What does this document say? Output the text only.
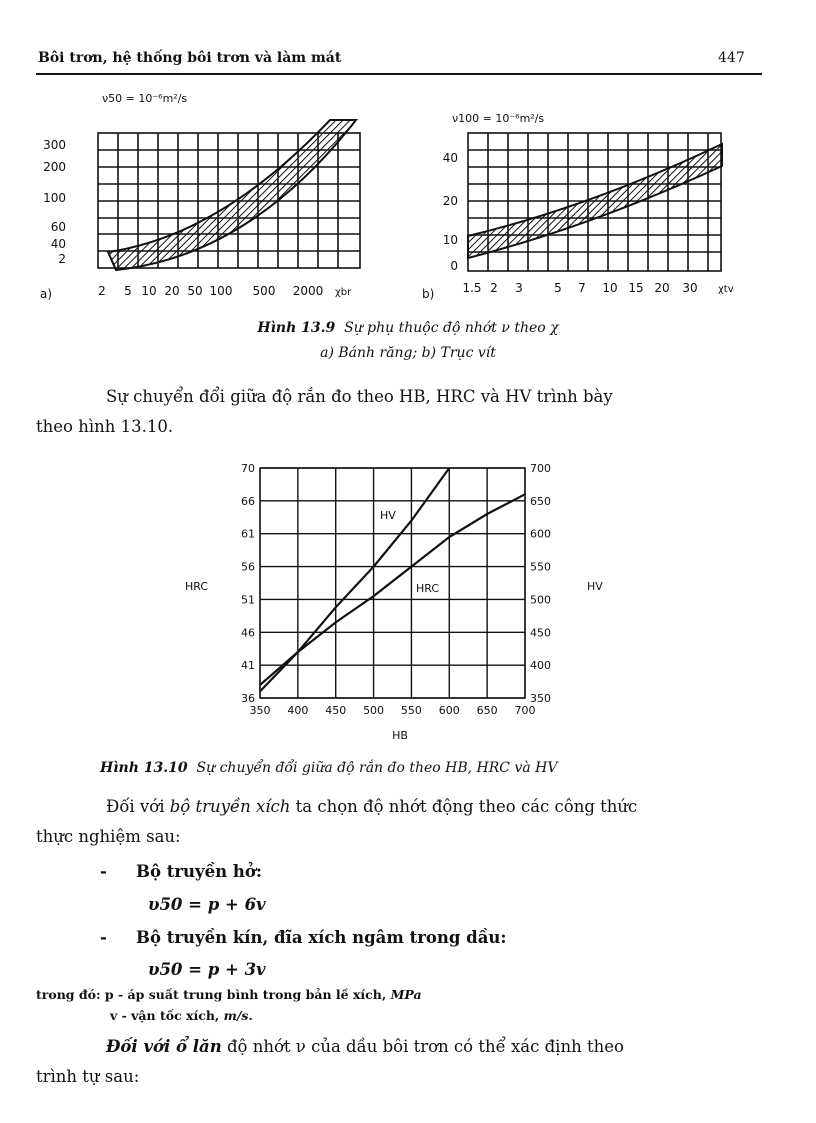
Bôi trơn, hệ thống bôi trơn và làm mát	447
ν50 = 10⁻⁶m²/s
300
200
100
60
40
2
2 5 10 20 50 100 500 2000 χbr
a)
ν100 = 10⁻⁶m²/s
40
20
10
0
1.5 2 3	5 7 10 15 20 30 χtv
b)
Hình 13.9 Sự phụ thuộc độ nhớt ν theo χ
a) Bánh răng; b) Trục vít
Sự chuyển đổi giữa độ rắn đo theo HB, HRC và HV trình bày
theo hình 13.10.
70
66
61
56
51
46
41
36
700
650
600
550
500
450
400
350
350 400 450 500 550 600 650 700
HRC	HV
HB
HV
HRC
Hình 13.10 Sự chuyển đổi giữa độ rắn đo theo HB, HRC và HV
Đối với bộ truyền xích ta chọn độ nhớt động theo các công thức
thực nghiệm sau:
- Bộ truyền hở:
υ50 = p + 6v
- Bộ truyền kín, đĩa xích ngâm trong dầu:
υ50 = p + 3v
trong đó: p - áp suất trung bình trong bản lề xích, MPa
v - vận tốc xích, m/s.
Đối với ổ lăn độ nhớt ν của dầu bôi trơn có thể xác định theo
trình tự sau:
